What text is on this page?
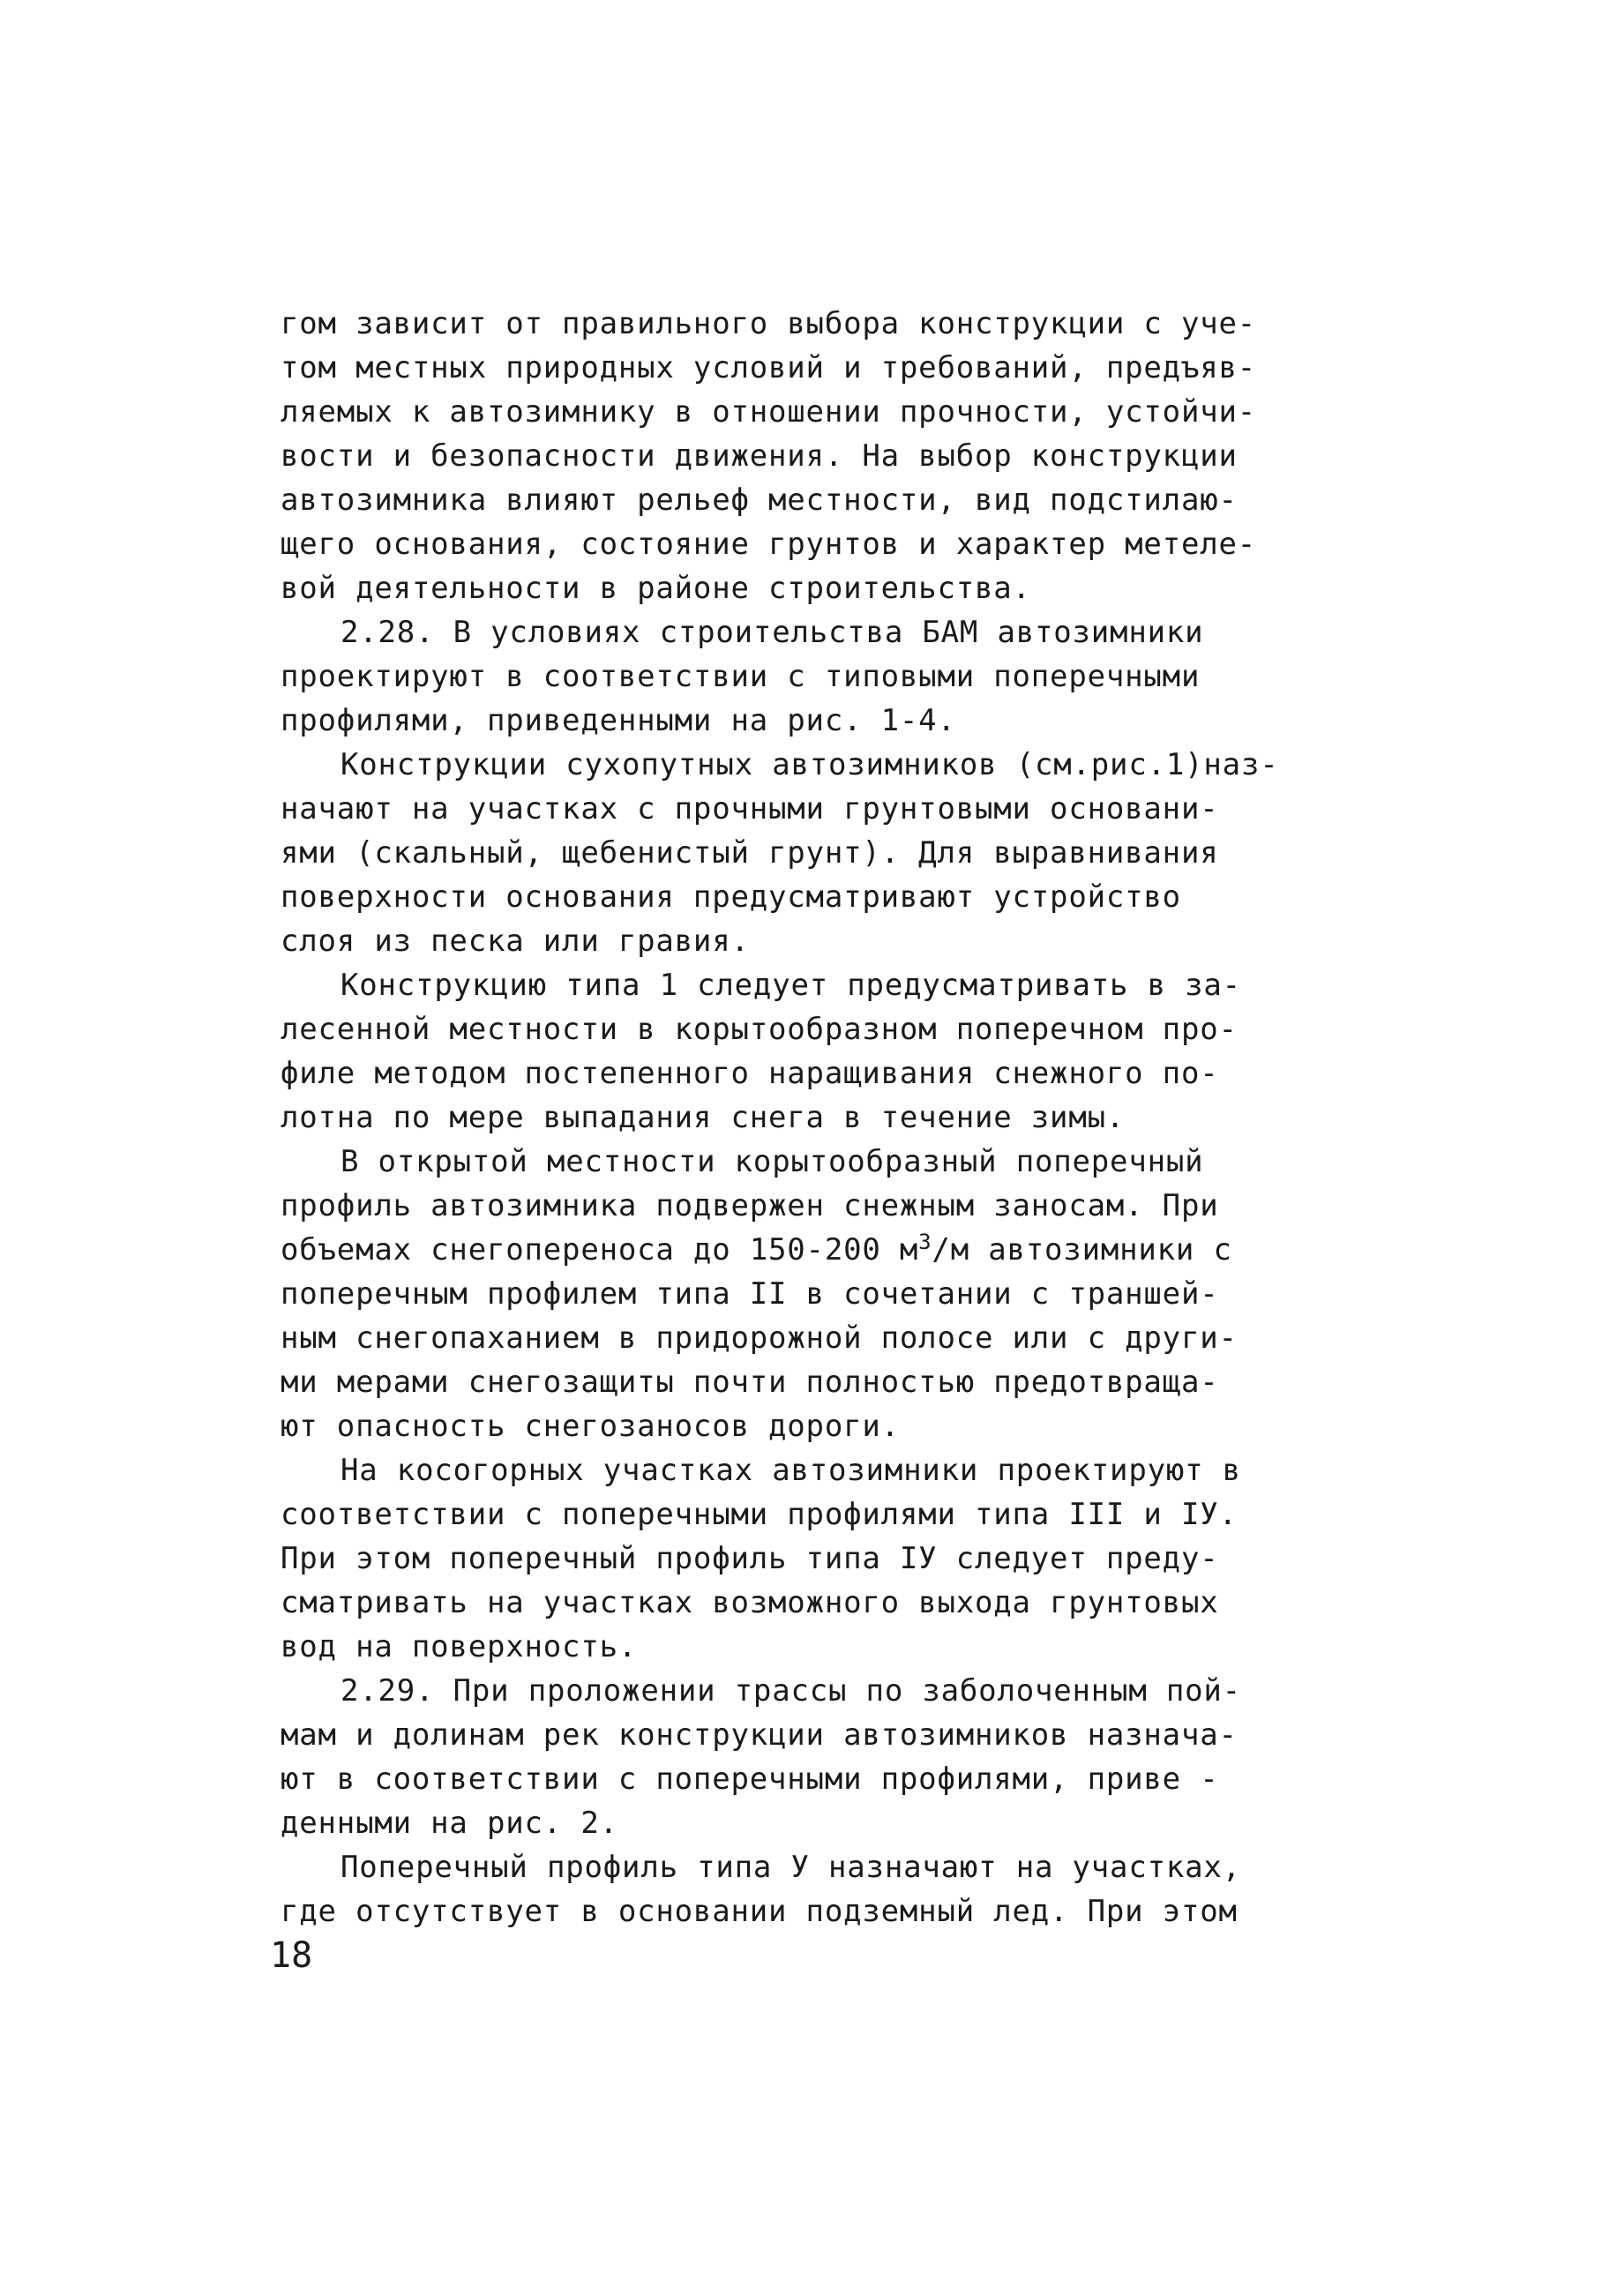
гом зависит от правильного выбора конструкции с уче-
том местных природных условий и требований, предъяв-
ляемых к автозимнику в отношении прочности, устойчи-
вости и безопасности движения. На выбор конструкции
автозимника влияют рельеф местности, вид подстилаю-
щего основания, состояние грунтов и характер метеле-
вой деятельности в районе строительства.
2.28. В условиях строительства БАМ автозимники
проектируют в соответствии с типовыми поперечными
профилями, приведенными на рис. 1-4.
Конструкции сухопутных автозимников (см.рис.1)наз-
начают на участках с прочными грунтовыми основани-
ями (скальный, щебенистый грунт). Для выравнивания
поверхности основания предусматривают устройство
слоя из песка или гравия.
Конструкцию типа 1 следует предусматривать в за-
лесенной местности в корытообразном поперечном про-
филе методом постепенного наращивания снежного по-
лотна по мере выпадания снега в течение зимы.
В открытой местности корытообразный поперечный
профиль автозимника подвержен снежным заносам. При
объемах снегопереноса до 150-200 $м^3/м$ автозимники с
поперечным профилем типа II в сочетании с траншей-
ным снегопаханием в придорожной полосе или с други-
ми мерами снегозащиты почти полностью предотвраща-
ют опасность снегозаносов дороги.
На косогорных участках автозимники проектируют в
соответствии с поперечными профилями типа III и IУ.
При этом поперечный профиль типа IУ следует преду-
сматривать на участках возможного выхода грунтовых
вод на поверхность.
2.29. При проложении трассы по заболоченным пой-
мам и долинам рек конструкции автозимников назнача-
ют в соответствии с поперечными профилями, приве -
денными на рис. 2.
Поперечный профиль типа У назначают на участках,
где отсутствует в основании подземный лед. При этом
18
